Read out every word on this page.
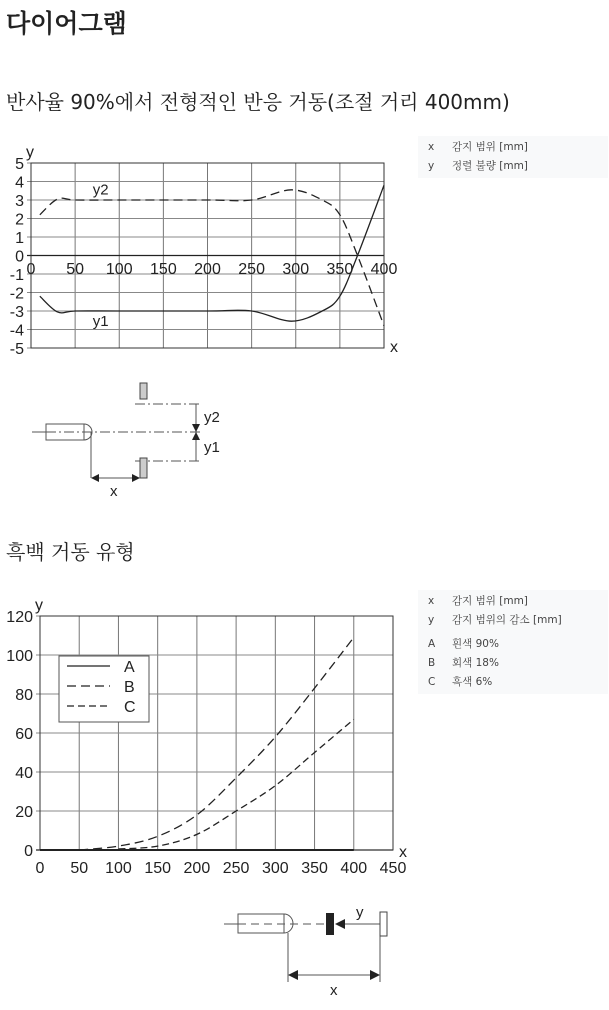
다이어그램
반사율 90%에서 전형적인 반응 거동(조절 거리 400mm)
x 감지 범위 [mm]
y 정렬 불량 [mm]
5
4
3
2
1
0
-1
-2
-3
-4
-5
0 50 100 150 200 250 300 350 400
y
x
y2
y1
y2
y1
x
흑백 거동 유형
x 감지 범위 [mm]
y 감지 범위의 감소 [mm]
A 흰색 90%
B 회색 18%
C 흑색 6%
120
100
80
60
40
20
0
0 50 100 150 200 250 300 350 400 450
y
x
A
B
C
y
x
